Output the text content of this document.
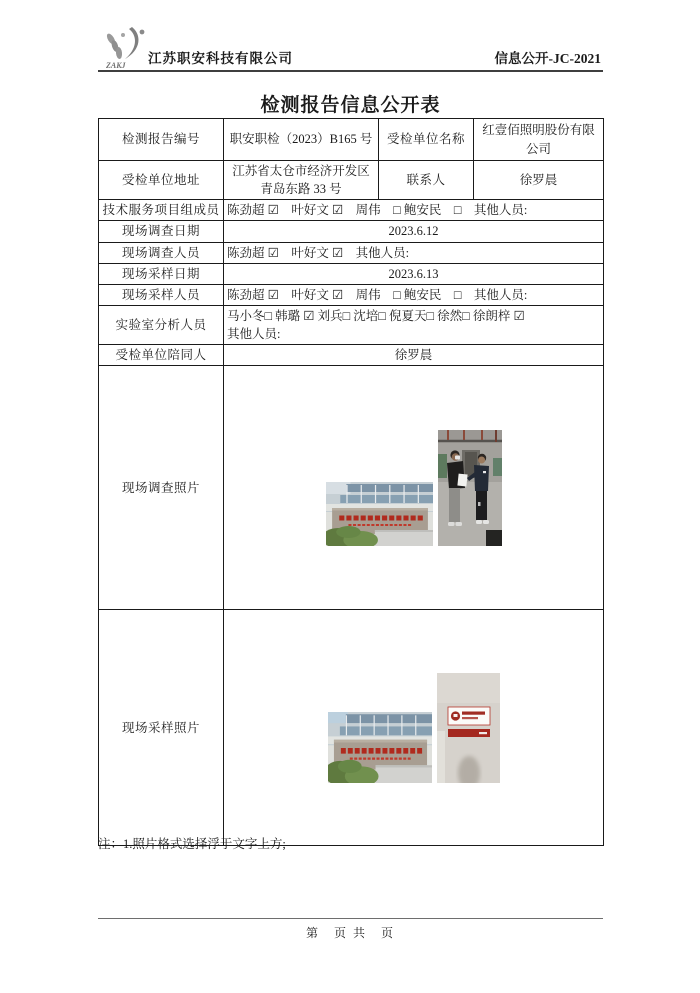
ZAKJ 江苏职安科技有限公司	信息公开-JC-2021
检测报告信息公开表
检测报告编号	职安职检（2023）B165 号	受检单位名称	红壹佰照明股份有限公司
受检单位地址	江苏省太仓市经济开发区青岛东路 33 号	联系人	徐罗晨
技术服务项目组成员	陈劲超 ☑　叶好文 ☑　周伟　□ 鲍安民　□　其他人员:		
现场调查日期	2023.6.12		
现场调查人员	陈劲超 ☑　叶好文 ☑　其他人员:		
现场采样日期	2023.6.13		
现场采样人员	陈劲超 ☑　叶好文 ☑　周伟　□ 鲍安民　□　其他人员:		
实验室分析人员	马小冬□ 韩璐 ☑ 刘兵□ 沈培□ 倪夏天□ 徐然□ 徐朗梓 ☑
其他人员:		

受检单位陪同人	徐罗晨		
现场调查照片	

现场采样照片	
注：1.照片格式选择浮于文字上方;
第　页 共　页
